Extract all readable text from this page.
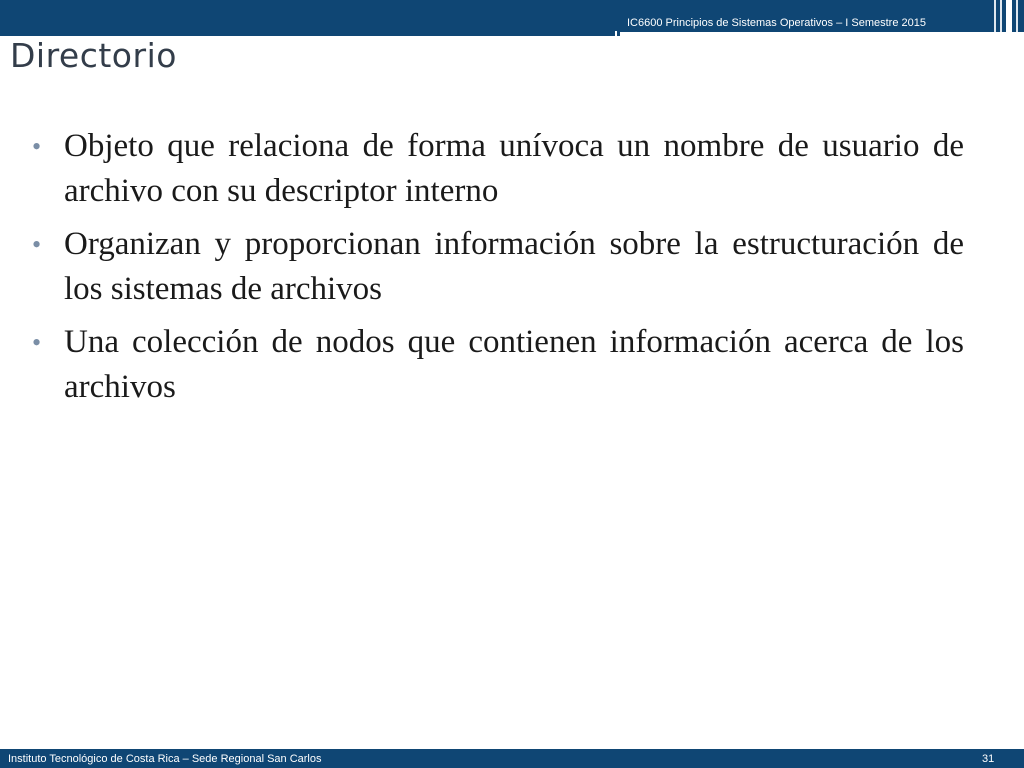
IC6600 Principios de Sistemas Operativos – I Semestre 2015
Directorio
• Objeto que relaciona de forma unívoca un nombre de usuario de archivo con su descriptor interno
• Organizan y proporcionan información sobre la estructuración de los sistemas de archivos
• Una colección de nodos que contienen información acerca de los archivos
Instituto Tecnológico de Costa Rica – Sede Regional San Carlos	31
